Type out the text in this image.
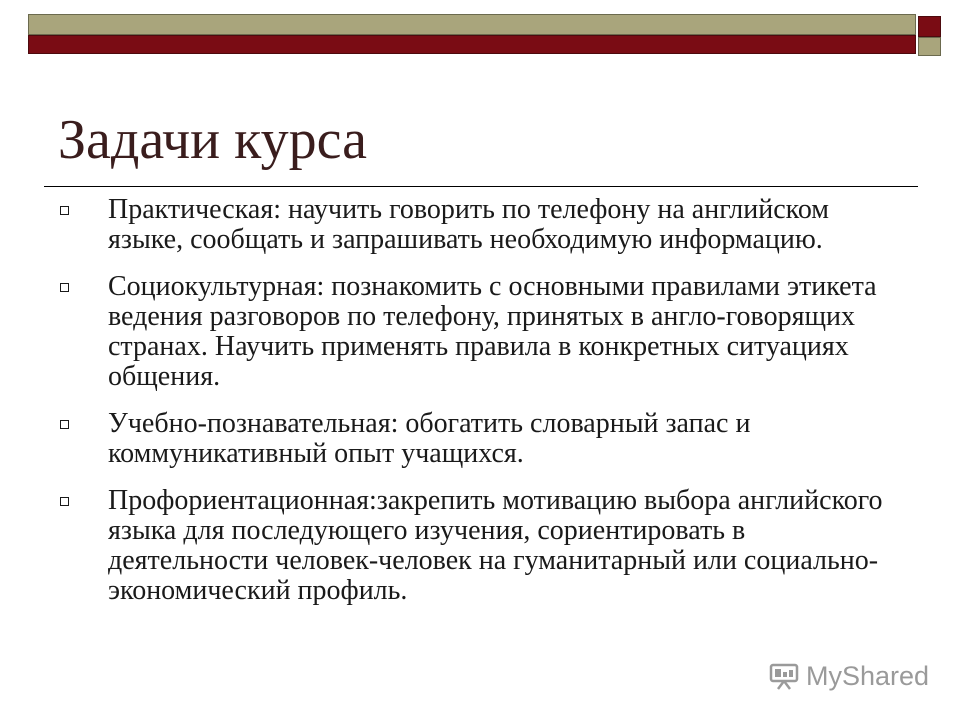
Задачи курса
Практическая: научить говорить по телефону на английском языке, сообщать и запрашивать необходимую информацию.
Социокультурная: познакомить с основными правилами этикета ведения разговоров по телефону, принятых в англо-говорящих странах. Научить применять правила в конкретных ситуациях общения.
Учебно-познавательная: обогатить словарный запас и коммуникативный опыт учащихся.
Профориентационная:закрепить мотивацию выбора английского языка для последующего изучения, сориентировать в деятельности человек-человек на гуманитарный или социально-экономический профиль.
MyShared
